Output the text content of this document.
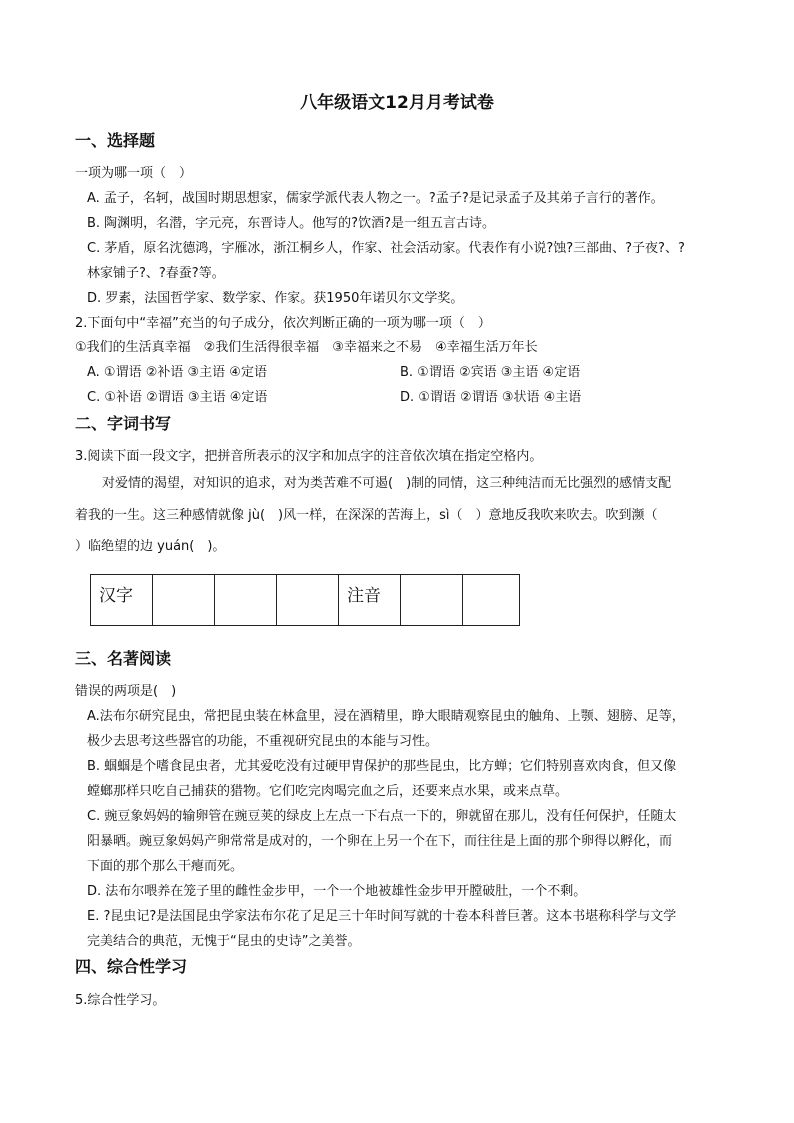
八年级语文12月月考试卷
一、选择题
一项为哪一项（　）
A. 孟子，名轲，战国时期思想家，儒家学派代表人物之一。?孟子?是记录孟子及其弟子言行的著作。
B. 陶渊明，名潜，字元亮，东晋诗人。他写的?饮酒?是一组五言古诗。
C. 茅盾，原名沈德鸿，字雁冰，浙江桐乡人，作家、社会活动家。代表作有小说?蚀?三部曲、?子夜?、?
林家铺子?、?春蚕?等。
D. 罗素，法国哲学家、数学家、作家。获1950年诺贝尔文学奖。
2.下面句中“幸福”充当的句子成分，依次判断正确的一项为哪一项（　）
①我们的生活真幸福　②我们生活得很幸福　③幸福来之不易　④幸福生活万年长
A. ①谓语 ②补语 ③主语 ④定语	B. ①谓语 ②宾语 ③主语 ④定语
C. ①补语 ②谓语 ③主语 ④定语	D. ①谓语 ②谓语 ③状语 ④主语
二、字词书写
3.阅读下面一段文字，把拼音所表示的汉字和加点字的注音依次填在指定空格内。
对爱情的渴望，对知识的追求，对为类苦难不可遏(　)制的同情，这三种纯洁而无比强烈的感情支配
着我的一生。这三种感情就像 jù(　)风一样，在深深的苦海上，sì（　）意地反我吹来吹去。吹到濒（
）临绝望的边 yuán(　)。
汉字				注音

三、名著阅读
错误的两项是(　)
A.法布尔研究昆虫，常把昆虫装在林盒里，浸在酒精里，睁大眼睛观察昆虫的触角、上颚、翅膀、足等，
极少去思考这些器官的功能，不重视研究昆虫的本能与习性。
B. 蝈蝈是个嗜食昆虫者，尤其爱吃没有过硬甲胄保护的那些昆虫，比方蝉；它们特别喜欢肉食，但又像
螳螂那样只吃自己捕获的猎物。它们吃完肉喝完血之后，还要来点水果，或来点草。
C. 豌豆象妈妈的输卵管在豌豆荚的绿皮上左点一下右点一下的，卵就留在那儿，没有任何保护，任随太
阳暴晒。豌豆象妈妈产卵常常是成对的，一个卵在上另一个在下，而往往是上面的那个卵得以孵化，而
下面的那个那么干瘪而死。
D. 法布尔喂养在笼子里的雌性金步甲，一个一个地被雄性金步甲开膛破肚，一个不剩。
E. ?昆虫记?是法国昆虫学家法布尔花了足足三十年时间写就的十卷本科普巨著。这本书堪称科学与文学
完美结合的典范，无愧于“昆虫的史诗”之美誉。
四、综合性学习
5.综合性学习。
